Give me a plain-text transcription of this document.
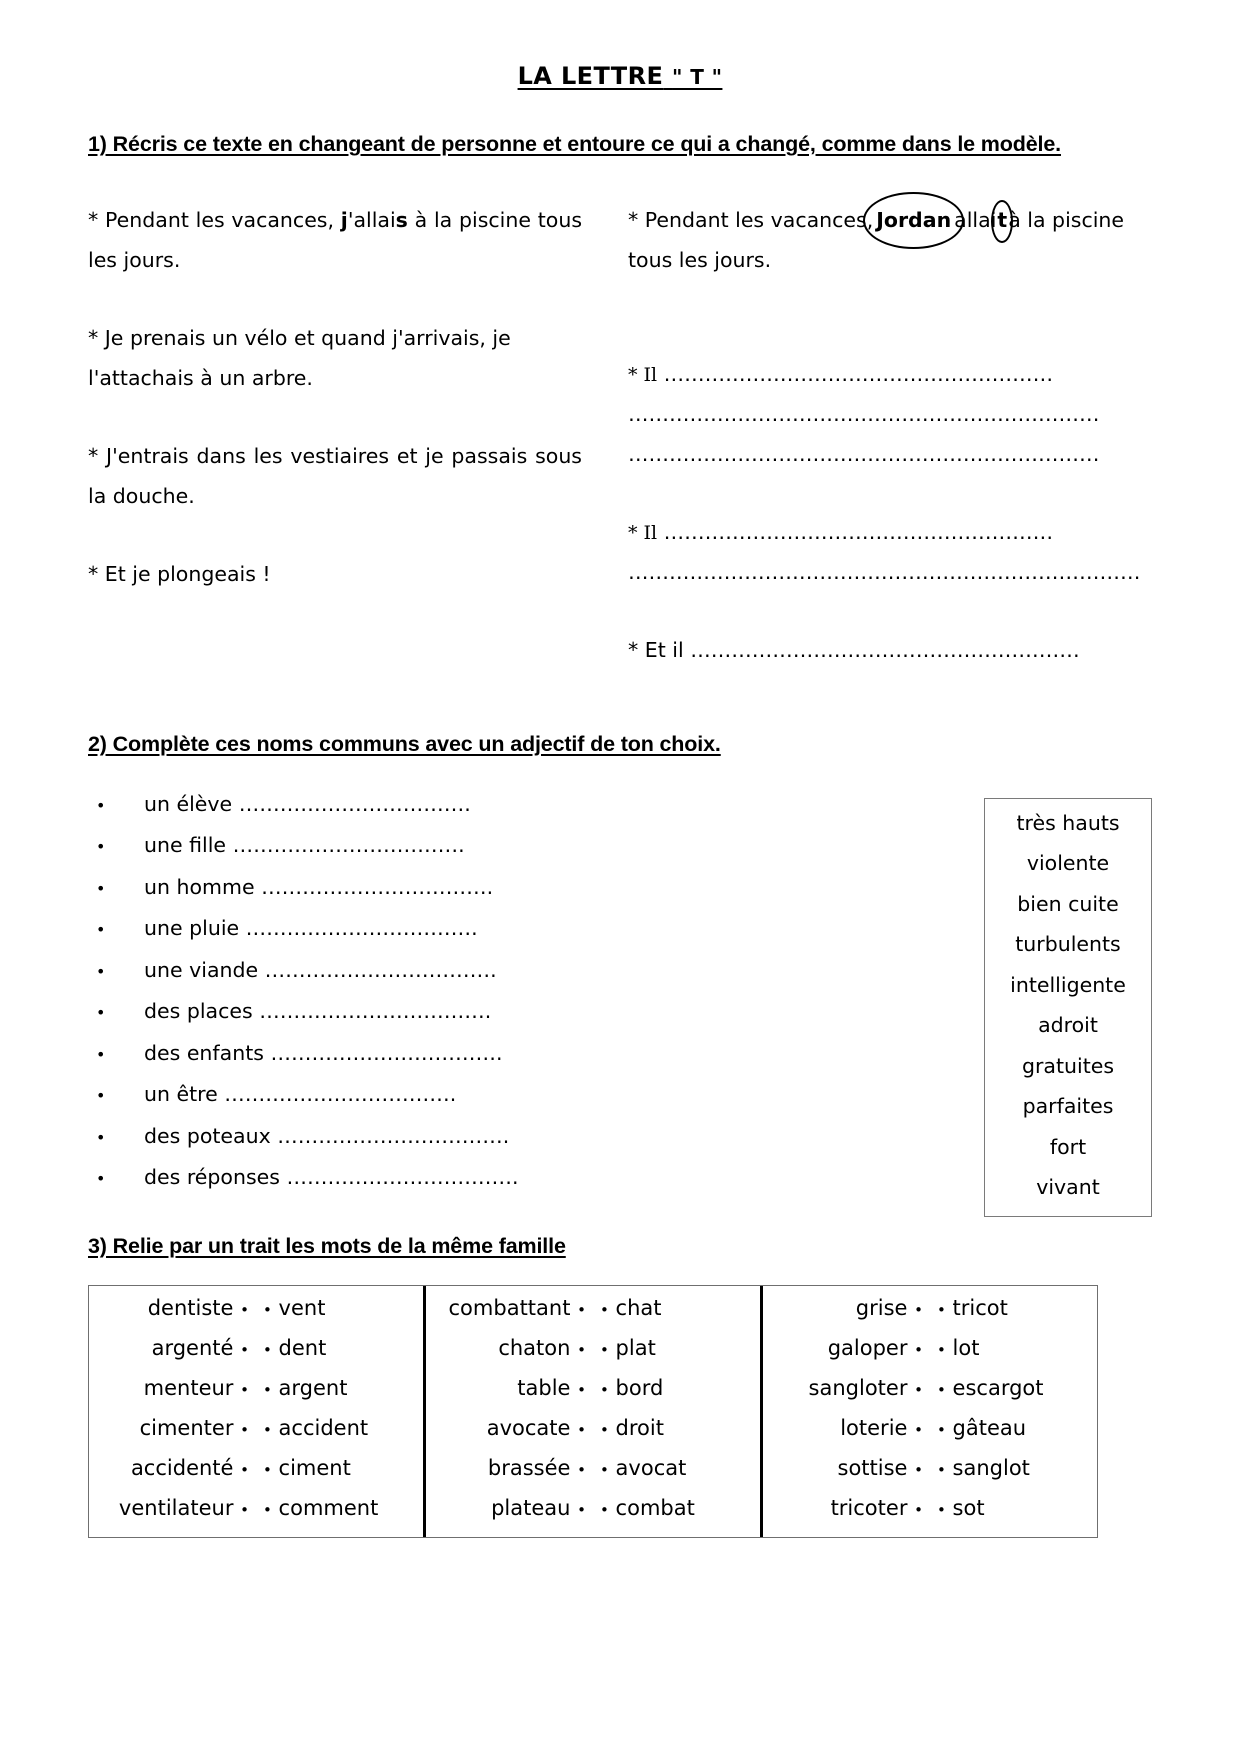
LA LETTRE " T "
1) Récris ce texte en changeant de personne et entoure ce qui a changé, comme dans le modèle.

* Pendant les vacances, j'allais à la piscine tous les jours.

* Je prenais un vélo et quand j'arrivais, je l'attachais à un arbre.

* J'entrais dans les vestiaires et je passais sous la douche.

* Et je plongeais !

* Pendant les vacances, Jordan allaità la piscine tous les jours.

* Il …………………………………………………
……………………………………………………………
……………………………………………………………
* Il …………………………………………………
…………………………………………………………………
* Et il …………………………………………………
2) Complète ces noms communs avec un adjectif de ton choix.
•	un élève …………………………….
•	une fille …………………………….
•	un homme …………………………….
•	une pluie …………………………….
•	une viande …………………………….
•	des places …………………………….
•	des enfants …………………………….
•	un être …………………………….
•	des poteaux …………………………….
•	des réponses …………………………….
très hauts
violente
bien cuite
turbulents
intelligente
adroit
gratuites
parfaites
fort
vivant
3) Relie par un trait les mots de la même famille
dentiste • • vent
argenté • • dent
menteur • • argent
cimenter • • accident
accidenté • • ciment
ventilateur • • comment
combattant • • chat
chaton • • plat
table • • bord
avocate • • droit
brassée • • avocat
plateau • • combat
grise • • tricot
galoper • • lot
sangloter • • escargot
loterie • • gâteau
sottise • • sanglot
tricoter • • sot
